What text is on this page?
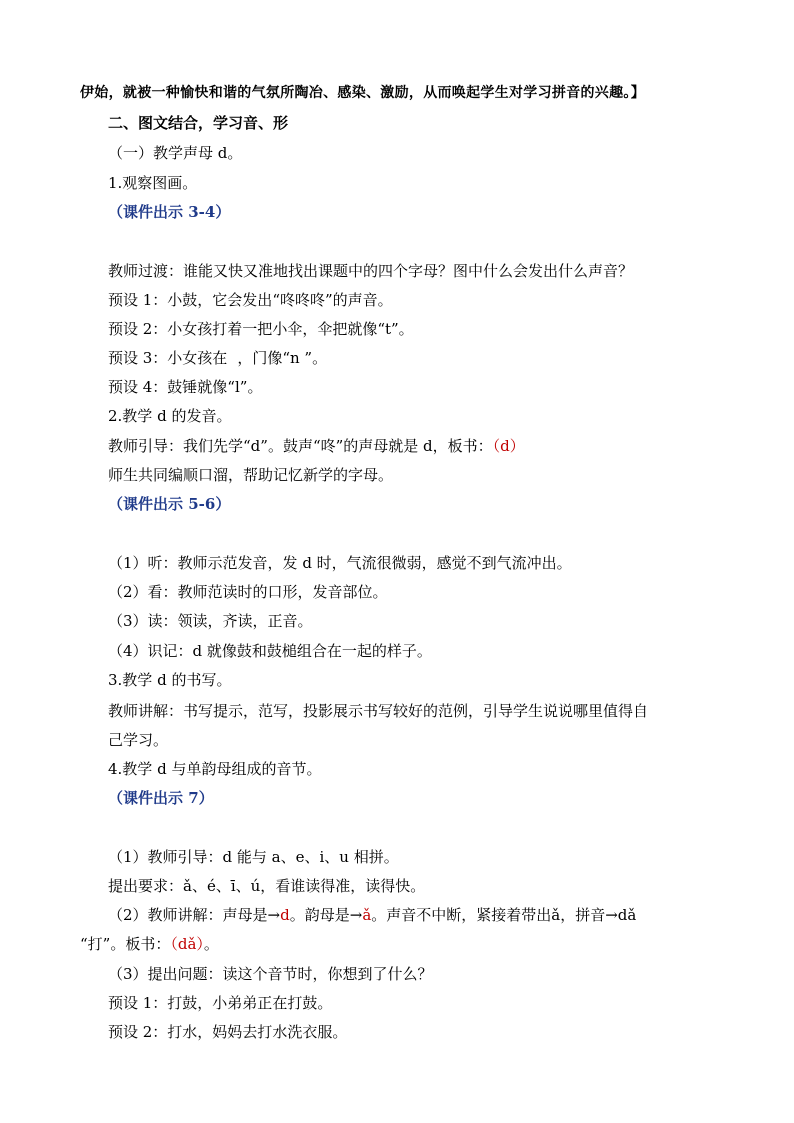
伊始，就被一种愉快和谐的气氛所陶冶、感染、激励，从而唤起学生对学习拼音的兴趣。】
二、图文结合，学习音、形
（一）教学声母 d。
1.观察图画。
（课件出示 3-4）
教师过渡：谁能又快又准地找出课题中的四个字母？图中什么会发出什么声音？
预设 1：小鼓，它会发出“咚咚咚”的声音。
预设 2：小女孩打着一把小伞，伞把就像“t”。
预设 3：小女孩在 ，门像“n ”。
预设 4：鼓锤就像“l”。
2.教学 d 的发音。
教师引导：我们先学“d”。鼓声“咚”的声母就是 d，板书：（d）
师生共同编顺口溜，帮助记忆新学的字母。
（课件出示 5-6）
（1）听：教师示范发音，发 d 时，气流很微弱，感觉不到气流冲出。
（2）看：教师范读时的口形，发音部位。
（3）读：领读，齐读，正音。
（4）识记：d 就像鼓和鼓槌组合在一起的样子。
3.教学 d 的书写。
教师讲解：书写提示，范写，投影展示书写较好的范例，引导学生说说哪里值得自
己学习。
4.教学 d 与单韵母组成的音节。
（课件出示 7）
（1）教师引导：d 能与 a、e、i、u 相拼。
提出要求：ǎ、é、ī、ú，看谁读得准，读得快。
（2）教师讲解：声母是→d。韵母是→ǎ。声音不中断，紧接着带出ǎ，拼音→dǎ
“打”。板书：（dǎ）。
（3）提出问题：读这个音节时，你想到了什么？
预设 1：打鼓，小弟弟正在打鼓。
预设 2：打水，妈妈去打水洗衣服。
